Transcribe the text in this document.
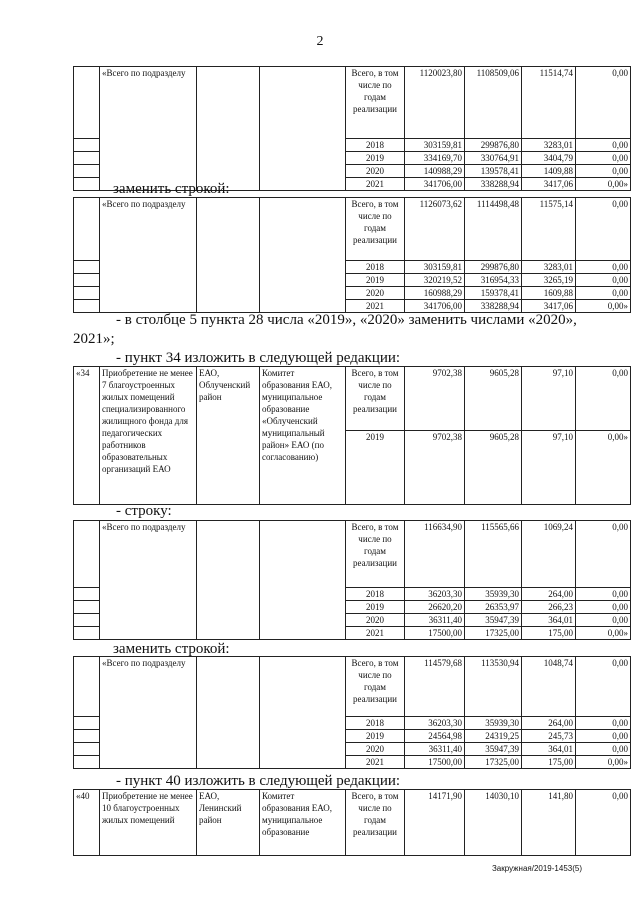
2
	«Всего по подразделу			Всего, в том числе по годам реализации	1120023,80	1108509,06	11514,74	0,00
				2018	303159,81	299876,80	3283,01	0,00
				2019	334169,70	330764,91	3404,79	0,00
				2020	140988,29	139578,41	1409,88	0,00
				2021	341706,00	338288,94	3417,06	0,00»
замeнить строкой:
	«Всего по подразделу			Всего, в том числе по годам реализации	1126073,62	1114498,48	11575,14	0,00
				2018	303159,81	299876,80	3283,01	0,00
				2019	320219,52	316954,33	3265,19	0,00
				2020	160988,29	159378,41	1609,88	0,00
				2021	341706,00	338288,94	3417,06	0,00»
- в столбце 5 пункта 28 числа «2019», «2020» заменить числами «2020»,
2021»;
- пункт 34 изложить в следующей редакции:
«34	Приобретение не менее 7 благоустроенных жилых помещений специализированного жилищного фонда для педагогических работников образовательных организаций ЕАО	ЕАО, Облученский район	Комитет образования ЕАО, муниципальное образование «Облученский муниципальный район» ЕАО (по согласованию)	Всего, в том числе по годам реализации	9702,38	9605,28	97,10	0,00
				2019	9702,38	9605,28	97,10	0,00»
- строку:
	«Всего по подразделу			Всего, в том числе по годам реализации	116634,90	115565,66	1069,24	0,00
				2018	36203,30	35939,30	264,00	0,00
				2019	26620,20	26353,97	266,23	0,00
				2020	36311,40	35947,39	364,01	0,00
				2021	17500,00	17325,00	175,00	0,00»
заменить строкой:
	«Всего по подразделу			Всего, в том числе по годам реализации	114579,68	113530,94	1048,74	0,00
				2018	36203,30	35939,30	264,00	0,00
				2019	24564,98	24319,25	245,73	0,00
				2020	36311,40	35947,39	364,01	0,00
				2021	17500,00	17325,00	175,00	0,00»
- пункт 40 изложить в следующей редакции:
«40	Приобретение не менее 10 благоустроенных жилых помещений	ЕАО, Ленинский район	Комитет образования ЕАО, муниципальное образование	Всего, в том числе по годам реализации	14171,90	14030,10	141,80	0,00
Закружная/2019-1453(5)
